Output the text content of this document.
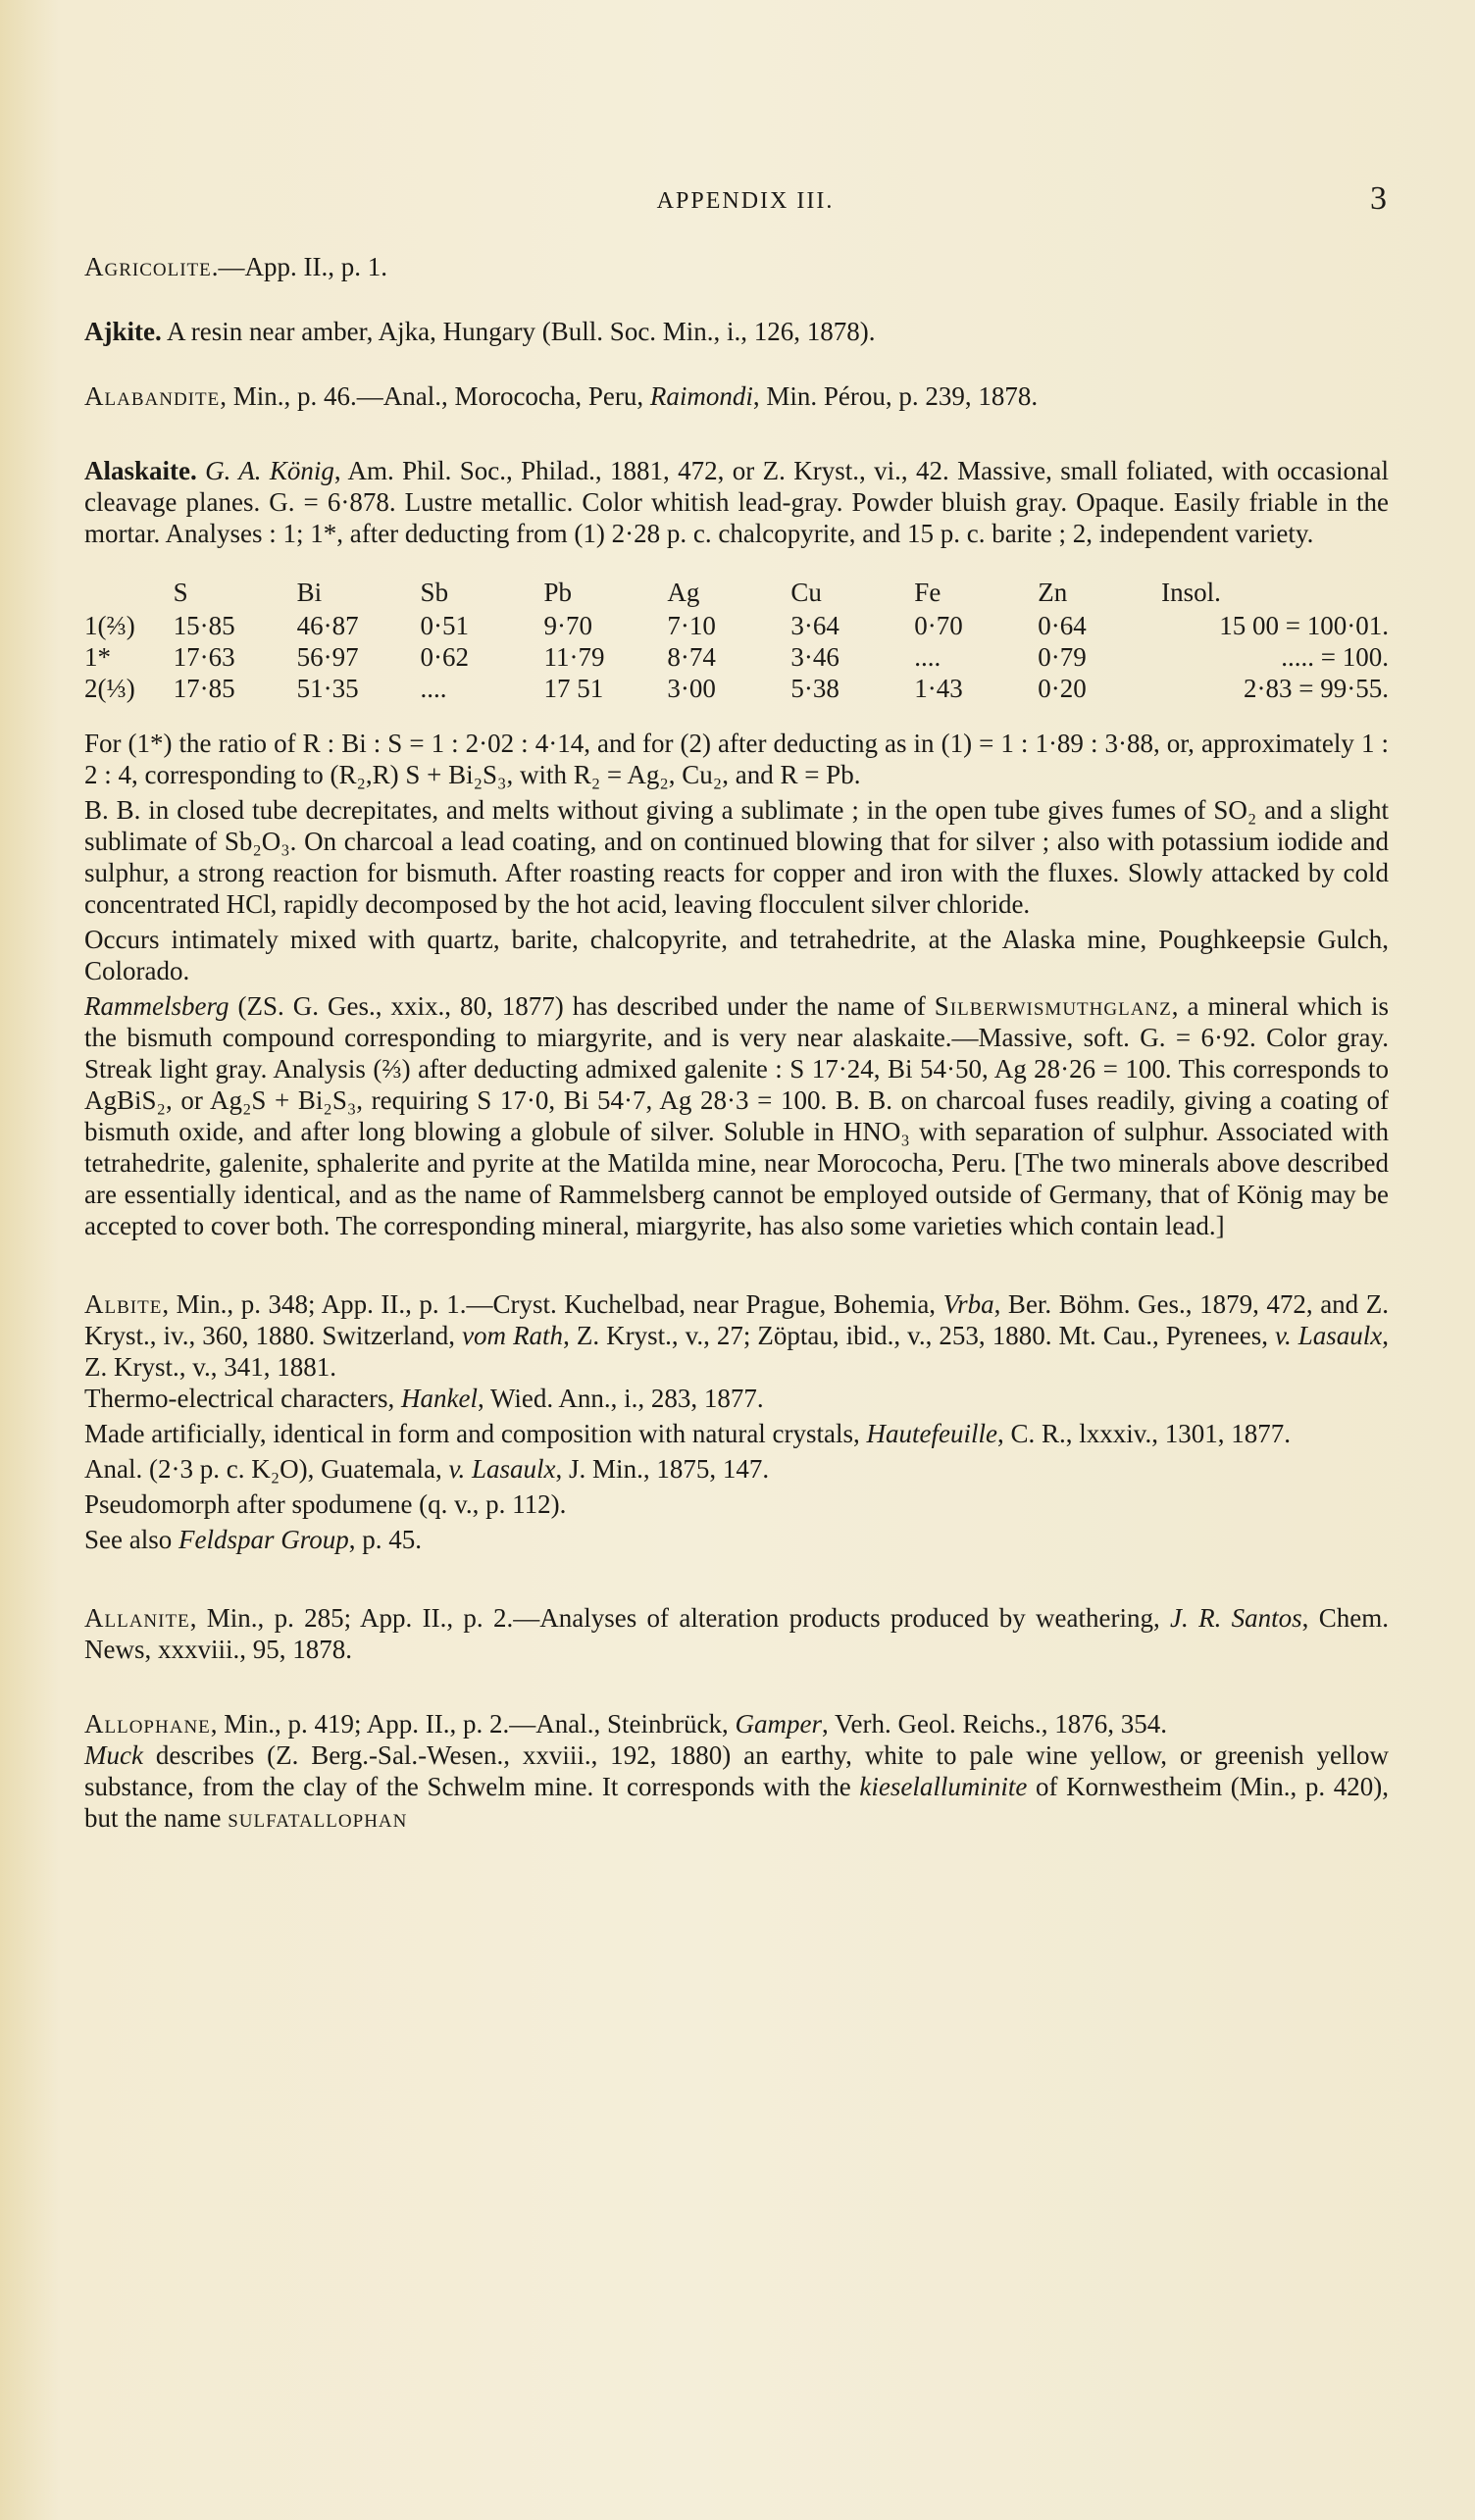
APPENDIX III.	3

Agricolite.—App. II., p. 1.

Ajkite. A resin near amber, Ajka, Hungary (Bull. Soc. Min., i., 126, 1878).

Alabandite, Min., p. 46.—Anal., Morococha, Peru, Raimondi, Min. Pérou, p. 239, 1878.

Alaskaite. G. A. König, Am. Phil. Soc., Philad., 1881, 472, or Z. Kryst., vi., 42. Massive, small foliated, with occasional cleavage planes. G. = 6·878. Lustre metallic. Color whitish lead-gray. Powder bluish gray. Opaque. Easily friable in the mortar. Analyses : 1; 1*, after deducting from (1) 2·28 p. c. chalcopyrite, and 15 p. c. barite ; 2, independent variety.

	S	Bi	Sb	Pb	Ag	Cu	Fe	Zn	Insol.
1(⅔)	15·85	46·87	0·51	9·70	7·10	3·64	0·70	0·64	15 00 = 100·01.
1*	17·63	56·97	0·62	11·79	8·74	3·46	....	0·79	..... = 100.
2(⅓)	17·85	51·35	....	17 51	3·00	5·38	1·43	0·20	2·83 = 99·55.

For (1*) the ratio of R : Bi : S = 1 : 2·02 : 4·14, and for (2) after deducting as in (1) = 1 : 1·89 : 3·88, or, approximately 1 : 2 : 4, corresponding to (R₂,R) S + Bi₂S₃, with R₂ = Ag₂, Cu₂, and R = Pb.

B. B. in closed tube decrepitates, and melts without giving a sublimate ; in the open tube gives fumes of SO₂ and a slight sublimate of Sb₂O₃. On charcoal a lead coating, and on continued blowing that for silver ; also with potassium iodide and sulphur, a strong reaction for bismuth. After roasting reacts for copper and iron with the fluxes. Slowly attacked by cold concentrated HCl, rapidly decomposed by the hot acid, leaving flocculent silver chloride.

Occurs intimately mixed with quartz, barite, chalcopyrite, and tetrahedrite, at the Alaska mine, Poughkeepsie Gulch, Colorado.

Rammelsberg (ZS. G. Ges., xxix., 80, 1877) has described under the name of Silberwismuthglanz, a mineral which is the bismuth compound corresponding to miargyrite, and is very near alaskaite.—Massive, soft. G. = 6·92. Color gray. Streak light gray. Analysis (⅔) after deducting admixed galenite : S 17·24, Bi 54·50, Ag 28·26 = 100. This corresponds to AgBiS₂, or Ag₂S + Bi₂S₃, requiring S 17·0, Bi 54·7, Ag 28·3 = 100. B. B. on charcoal fuses readily, giving a coating of bismuth oxide, and after long blowing a globule of silver. Soluble in HNO₃ with separation of sulphur. Associated with tetrahedrite, galenite, sphalerite and pyrite at the Matilda mine, near Morococha, Peru. [The two minerals above described are essentially identical, and as the name of Rammelsberg cannot be employed outside of Germany, that of König may be accepted to cover both. The corresponding mineral, miargyrite, has also some varieties which contain lead.]

Albite, Min., p. 348; App. II., p. 1.—Cryst. Kuchelbad, near Prague, Bohemia, Vrba, Ber. Böhm. Ges., 1879, 472, and Z. Kryst., iv., 360, 1880. Switzerland, vom Rath, Z. Kryst., v., 27; Zöptau, ibid., v., 253, 1880. Mt. Cau., Pyrenees, v. Lasaulx, Z. Kryst., v., 341, 1881.

Thermo-electrical characters, Hankel, Wied. Ann., i., 283, 1877.

Made artificially, identical in form and composition with natural crystals, Hautefeuille, C. R., lxxxiv., 1301, 1877.

Anal. (2·3 p. c. K₂O), Guatemala, v. Lasaulx, J. Min., 1875, 147.

Pseudomorph after spodumene (q. v., p. 112).

See also Feldspar Group, p. 45.

Allanite, Min., p. 285; App. II., p. 2.—Analyses of alteration products produced by weathering, J. R. Santos, Chem. News, xxxviii., 95, 1878.

Allophane, Min., p. 419; App. II., p. 2.—Anal., Steinbrück, Gamper, Verh. Geol. Reichs., 1876, 354.

Muck describes (Z. Berg.-Sal.-Wesen., xxviii., 192, 1880) an earthy, white to pale wine yellow, or greenish yellow substance, from the clay of the Schwelm mine. It corresponds with the kieselalluminite of Kornwestheim (Min., p. 420), but the name sulfatallophan
